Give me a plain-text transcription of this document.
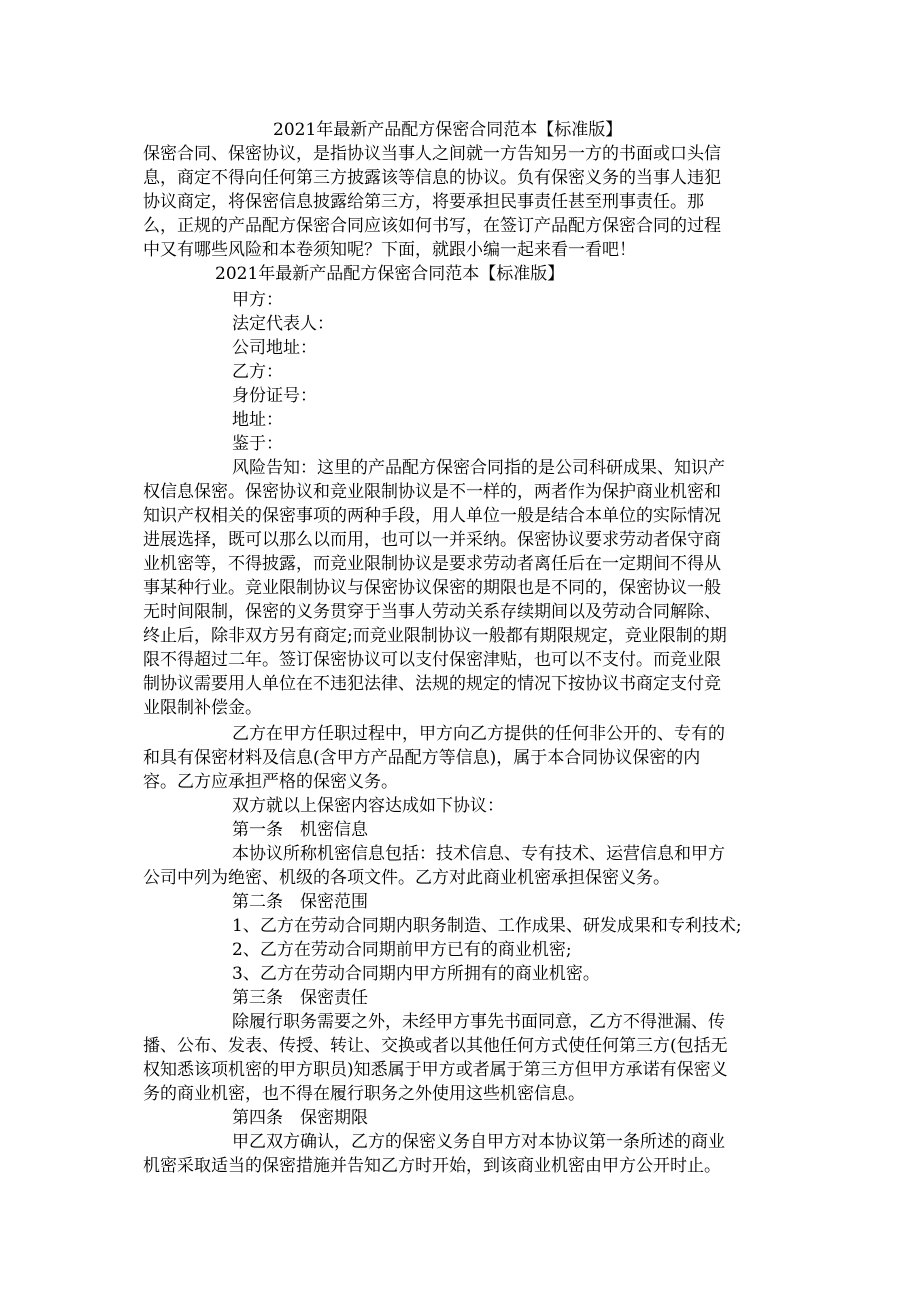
2021年最新产品配方保密合同范本【标准版】
保密合同、保密协议，是指协议当事人之间就一方告知另一方的书面或口头信
息，商定不得向任何第三方披露该等信息的协议。负有保密义务的当事人违犯
协议商定，将保密信息披露给第三方，将要承担民事责任甚至刑事责任。那
么，正规的产品配方保密合同应该如何书写，在签订产品配方保密合同的过程
中又有哪些风险和本卷须知呢？下面，就跟小编一起来看一看吧！
2021年最新产品配方保密合同范本【标准版】
甲方：
法定代表人：
公司地址：
乙方：
身份证号：
地址：
鉴于：
风险告知：这里的产品配方保密合同指的是公司科研成果、知识产
权信息保密。保密协议和竞业限制协议是不一样的，两者作为保护商业机密和
知识产权相关的保密事项的两种手段，用人单位一般是结合本单位的实际情况
进展选择，既可以那么以而用，也可以一并采纳。保密协议要求劳动者保守商
业机密等，不得披露，而竞业限制协议是要求劳动者离任后在一定期间不得从
事某种行业。竞业限制协议与保密协议保密的期限也是不同的，保密协议一般
无时间限制，保密的义务贯穿于当事人劳动关系存续期间以及劳动合同解除、
终止后，除非双方另有商定;而竞业限制协议一般都有期限规定，竞业限制的期
限不得超过二年。签订保密协议可以支付保密津贴，也可以不支付。而竞业限
制协议需要用人单位在不违犯法律、法规的规定的情况下按协议书商定支付竞
业限制补偿金。
乙方在甲方任职过程中，甲方向乙方提供的任何非公开的、专有的
和具有保密材料及信息(含甲方产品配方等信息)，属于本合同协议保密的内
容。乙方应承担严格的保密义务。
双方就以上保密内容达成如下协议：
第一条　机密信息
本协议所称机密信息包括：技术信息、专有技术、运营信息和甲方
公司中列为绝密、机级的各项文件。乙方对此商业机密承担保密义务。
第二条　保密范围
1、乙方在劳动合同期内职务制造、工作成果、研发成果和专利技术;
2、乙方在劳动合同期前甲方已有的商业机密;
3、乙方在劳动合同期内甲方所拥有的商业机密。
第三条　保密责任
除履行职务需要之外，未经甲方事先书面同意，乙方不得泄漏、传
播、公布、发表、传授、转让、交换或者以其他任何方式使任何第三方(包括无
权知悉该项机密的甲方职员)知悉属于甲方或者属于第三方但甲方承诺有保密义
务的商业机密，也不得在履行职务之外使用这些机密信息。
第四条　保密期限
甲乙双方确认，乙方的保密义务自甲方对本协议第一条所述的商业
机密采取适当的保密措施并告知乙方时开始，到该商业机密由甲方公开时止。
